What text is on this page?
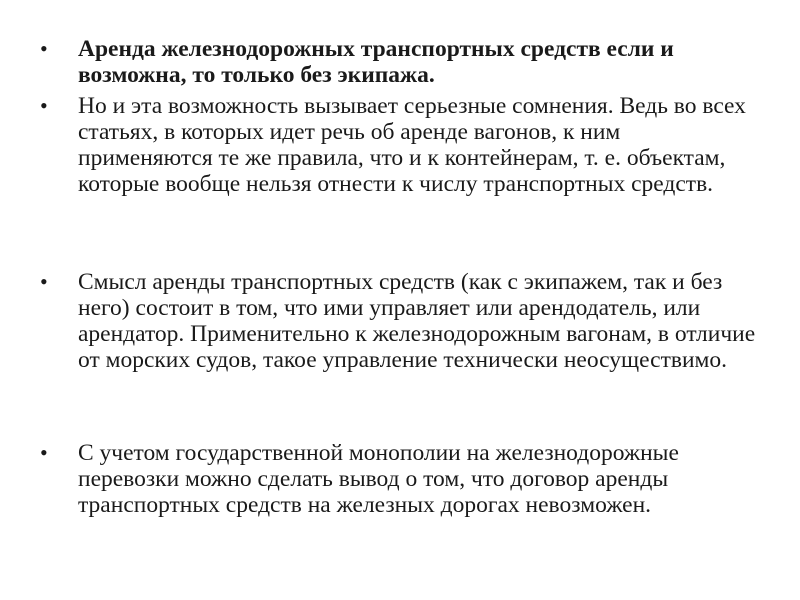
• Аренда железнодорожных транспортных средств если и возможна, то только без экипажа.
• Но и эта возможность вызывает серьезные сомнения. Ведь во всех статьях, в которых идет речь об аренде вагонов, к ним применяются те же правила, что и к контейнерам, т. е. объектам, которые вообще нельзя отнести к числу транспортных средств.
• Смысл аренды транспортных средств (как с экипажем, так и без него) состоит в том, что ими управляет или арендодатель, или арендатор. Применительно к железнодорожным вагонам, в отличие от морских судов, такое управление технически неосуществимо.
• С учетом государственной монополии на железнодорожные перевозки можно сделать вывод о том, что договор аренды транспортных средств на железных дорогах невозможен.
